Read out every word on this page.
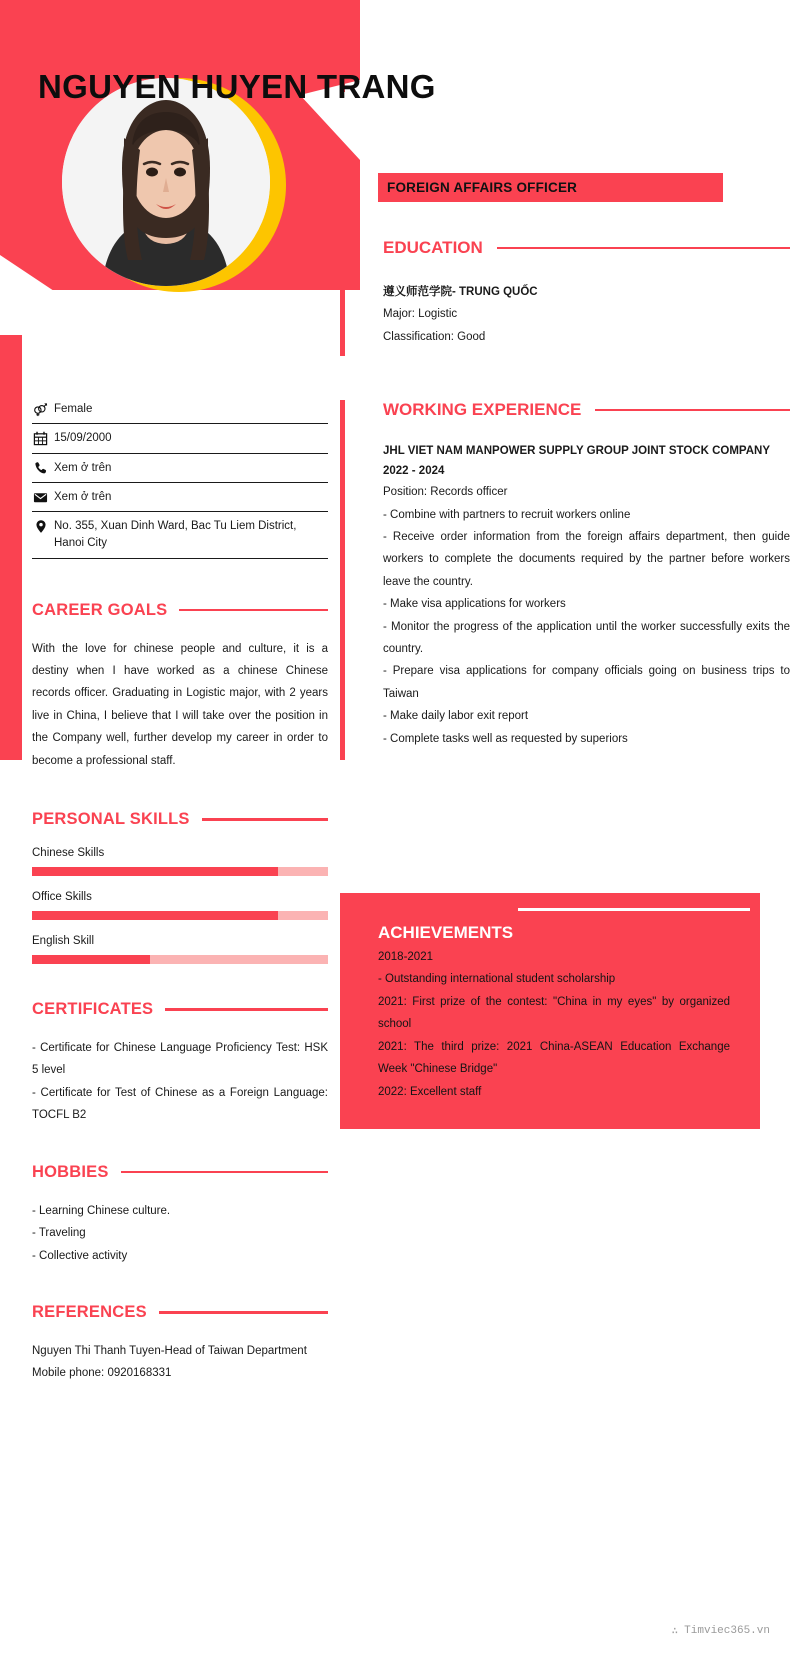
NGUYEN HUYEN TRANG
FOREIGN AFFAIRS OFFICER
EDUCATION
遵义师范学院- TRUNG QUỐC
Major: Logistic
Classification: Good
WORKING EXPERIENCE
JHL VIET NAM MANPOWER SUPPLY GROUP JOINT STOCK COMPANY
2022 - 2024
Position: Records officer
- Combine with partners to recruit workers online
- Receive order information from the foreign affairs department, then guide workers to complete the documents required by the partner before workers leave the country.
- Make visa applications for workers
- Monitor the progress of the application until the worker successfully exits the country.
- Prepare visa applications for company officials going on business trips to Taiwan
- Make daily labor exit report
- Complete tasks well as requested by superiors
ACHIEVEMENTS
2018-2021
- Outstanding international student scholarship
2021: First prize of the contest: "China in my eyes" by organized school
2021: The third prize: 2021 China-ASEAN Education Exchange Week "Chinese Bridge"
2022: Excellent staff
Female
15/09/2000
Xem ở trên
Xem ở trên
No. 355, Xuan Dinh Ward, Bac Tu Liem District, Hanoi City
CAREER GOALS
With the love for chinese people and culture, it is a destiny when I have worked as a chinese Chinese records officer. Graduating in Logistic major, with 2 years live in China, I believe that I will take over the position in the Company well, further develop my career in order to become a professional staff.
PERSONAL SKILLS
Chinese Skills
Office Skills
English Skill
CERTIFICATES
- Certificate for Chinese Language Proficiency Test: HSK 5 level
- Certificate for Test of Chinese as a Foreign Language: TOCFL B2
HOBBIES
- Learning Chinese culture.
- Traveling
- Collective activity
REFERENCES
Nguyen Thi Thanh Tuyen-Head of Taiwan Department
Mobile phone: 0920168331
∴ Timviec365.vn
